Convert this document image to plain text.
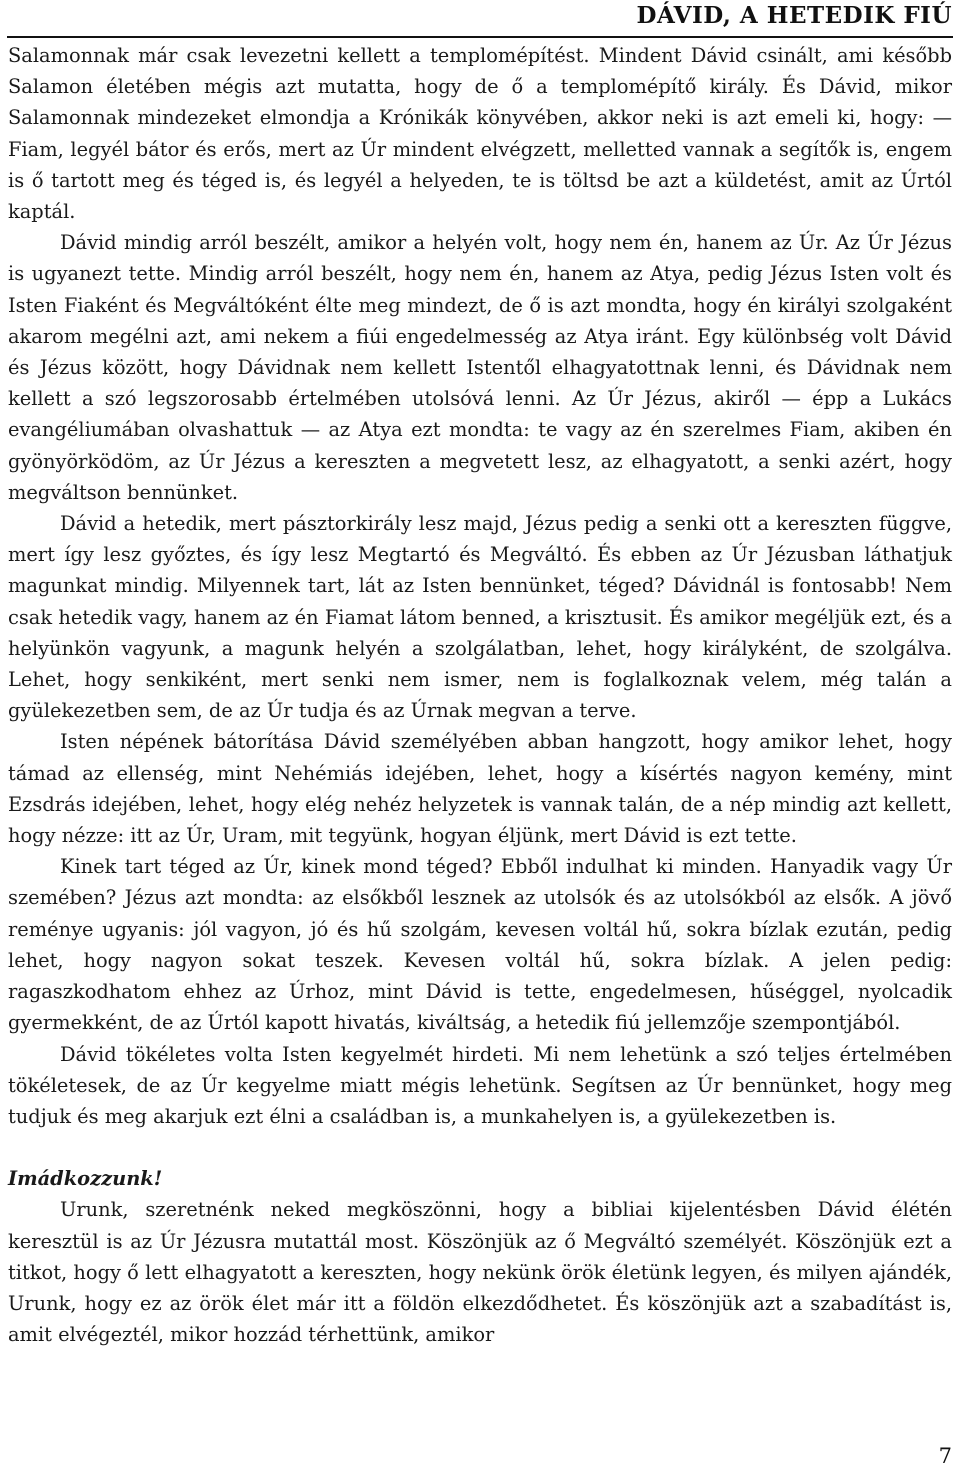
DÁVID, A HETEDIK FIÚ

Salamonnak már csak levezetni kellett a templomépítést. Mindent Dávid csinált, ami később Salamon életében mégis azt mutatta, hogy de ő a templomépítő király. És Dávid, mikor Salamonnak mindezeket elmondja a Krónikák könyvében, akkor neki is azt emeli ki, hogy: — Fiam, legyél bátor és erős, mert az Úr mindent elvégzett, melletted vannak a segítők is, engem is ő tartott meg és téged is, és legyél a helyeden, te is töltsd be azt a küldetést, amit az Úrtól kaptál.

Dávid mindig arról beszélt, amikor a helyén volt, hogy nem én, hanem az Úr. Az Úr Jézus is ugyanezt tette. Mindig arról beszélt, hogy nem én, hanem az Atya, pedig Jézus Isten volt és Isten Fiaként és Megváltóként élte meg mindezt, de ő is azt mondta, hogy én királyi szolgaként akarom megélni azt, ami nekem a fiúi engedelmesség az Atya iránt. Egy különbség volt Dávid és Jézus között, hogy Dávidnak nem kellett Istentől elhagyatottnak lenni, és Dávidnak nem kellett a szó legszorosabb értelmében utolsóvá lenni. Az Úr Jézus, akiről — épp a Lukács evangéliumában olvashattuk — az Atya ezt mondta: te vagy az én szerelmes Fiam, akiben én gyönyörködöm, az Úr Jézus a kereszten a megvetett lesz, az elhagyatott, a senki azért, hogy megváltson bennünket.

Dávid a hetedik, mert pásztorkirály lesz majd, Jézus pedig a senki ott a kereszten függve, mert így lesz győztes, és így lesz Megtartó és Megváltó. És ebben az Úr Jézusban láthatjuk magunkat mindig. Milyennek tart, lát az Isten bennünket, téged? Dávidnál is fontosabb! Nem csak hetedik vagy, hanem az én Fiamat látom benned, a krisztusit. És amikor megéljük ezt, és a helyünkön vagyunk, a magunk helyén a szolgálatban, lehet, hogy királyként, de szolgálva. Lehet, hogy senkiként, mert senki nem ismer, nem is foglalkoznak velem, még talán a gyülekezetben sem, de az Úr tudja és az Úrnak megvan a terve.

Isten népének bátorítása Dávid személyében abban hangzott, hogy amikor lehet, hogy támad az ellenség, mint Nehémiás idejében, lehet, hogy a kísértés nagyon kemény, mint Ezsdrás idejében, lehet, hogy elég nehéz helyzetek is vannak talán, de a nép mindig azt kellett, hogy nézze: itt az Úr, Uram, mit tegyünk, hogyan éljünk, mert Dávid is ezt tette.

Kinek tart téged az Úr, kinek mond téged? Ebből indulhat ki minden. Hanyadik vagy Úr szemében? Jézus azt mondta: az elsőkből lesznek az utolsók és az utolsókból az elsők. A jövő reménye ugyanis: jól vagyon, jó és hű szolgám, kevesen voltál hű, sokra bízlak ezután, pedig lehet, hogy nagyon sokat teszek. Kevesen voltál hű, sokra bízlak. A jelen pedig: ragaszkodhatom ehhez az Úrhoz, mint Dávid is tette, engedelmesen, hűséggel, nyolcadik gyermekként, de az Úrtól kapott hivatás, kiváltság, a hetedik fiú jellemzője szempontjából.

Dávid tökéletes volta Isten kegyelmét hirdeti. Mi nem lehetünk a szó teljes értelmében tökéletesek, de az Úr kegyelme miatt mégis lehetünk. Segítsen az Úr bennünket, hogy meg tudjuk és meg akarjuk ezt élni a családban is, a munkahelyen is, a gyülekezetben is.

Imádkozzunk!

Urunk, szeretnénk neked megköszönni, hogy a bibliai kijelentésben Dávid élétén keresztül is az Úr Jézusra mutattál most. Köszönjük az ő Megváltó személyét. Köszönjük ezt a titkot, hogy ő lett elhagyatott a kereszten, hogy nekünk örök életünk legyen, és milyen ajándék, Urunk, hogy ez az örök élet már itt a földön elkezdődhetet. És köszönjük azt a szabadítást is, amit elvégeztél, mikor hozzád térhettünk, amikor

7
